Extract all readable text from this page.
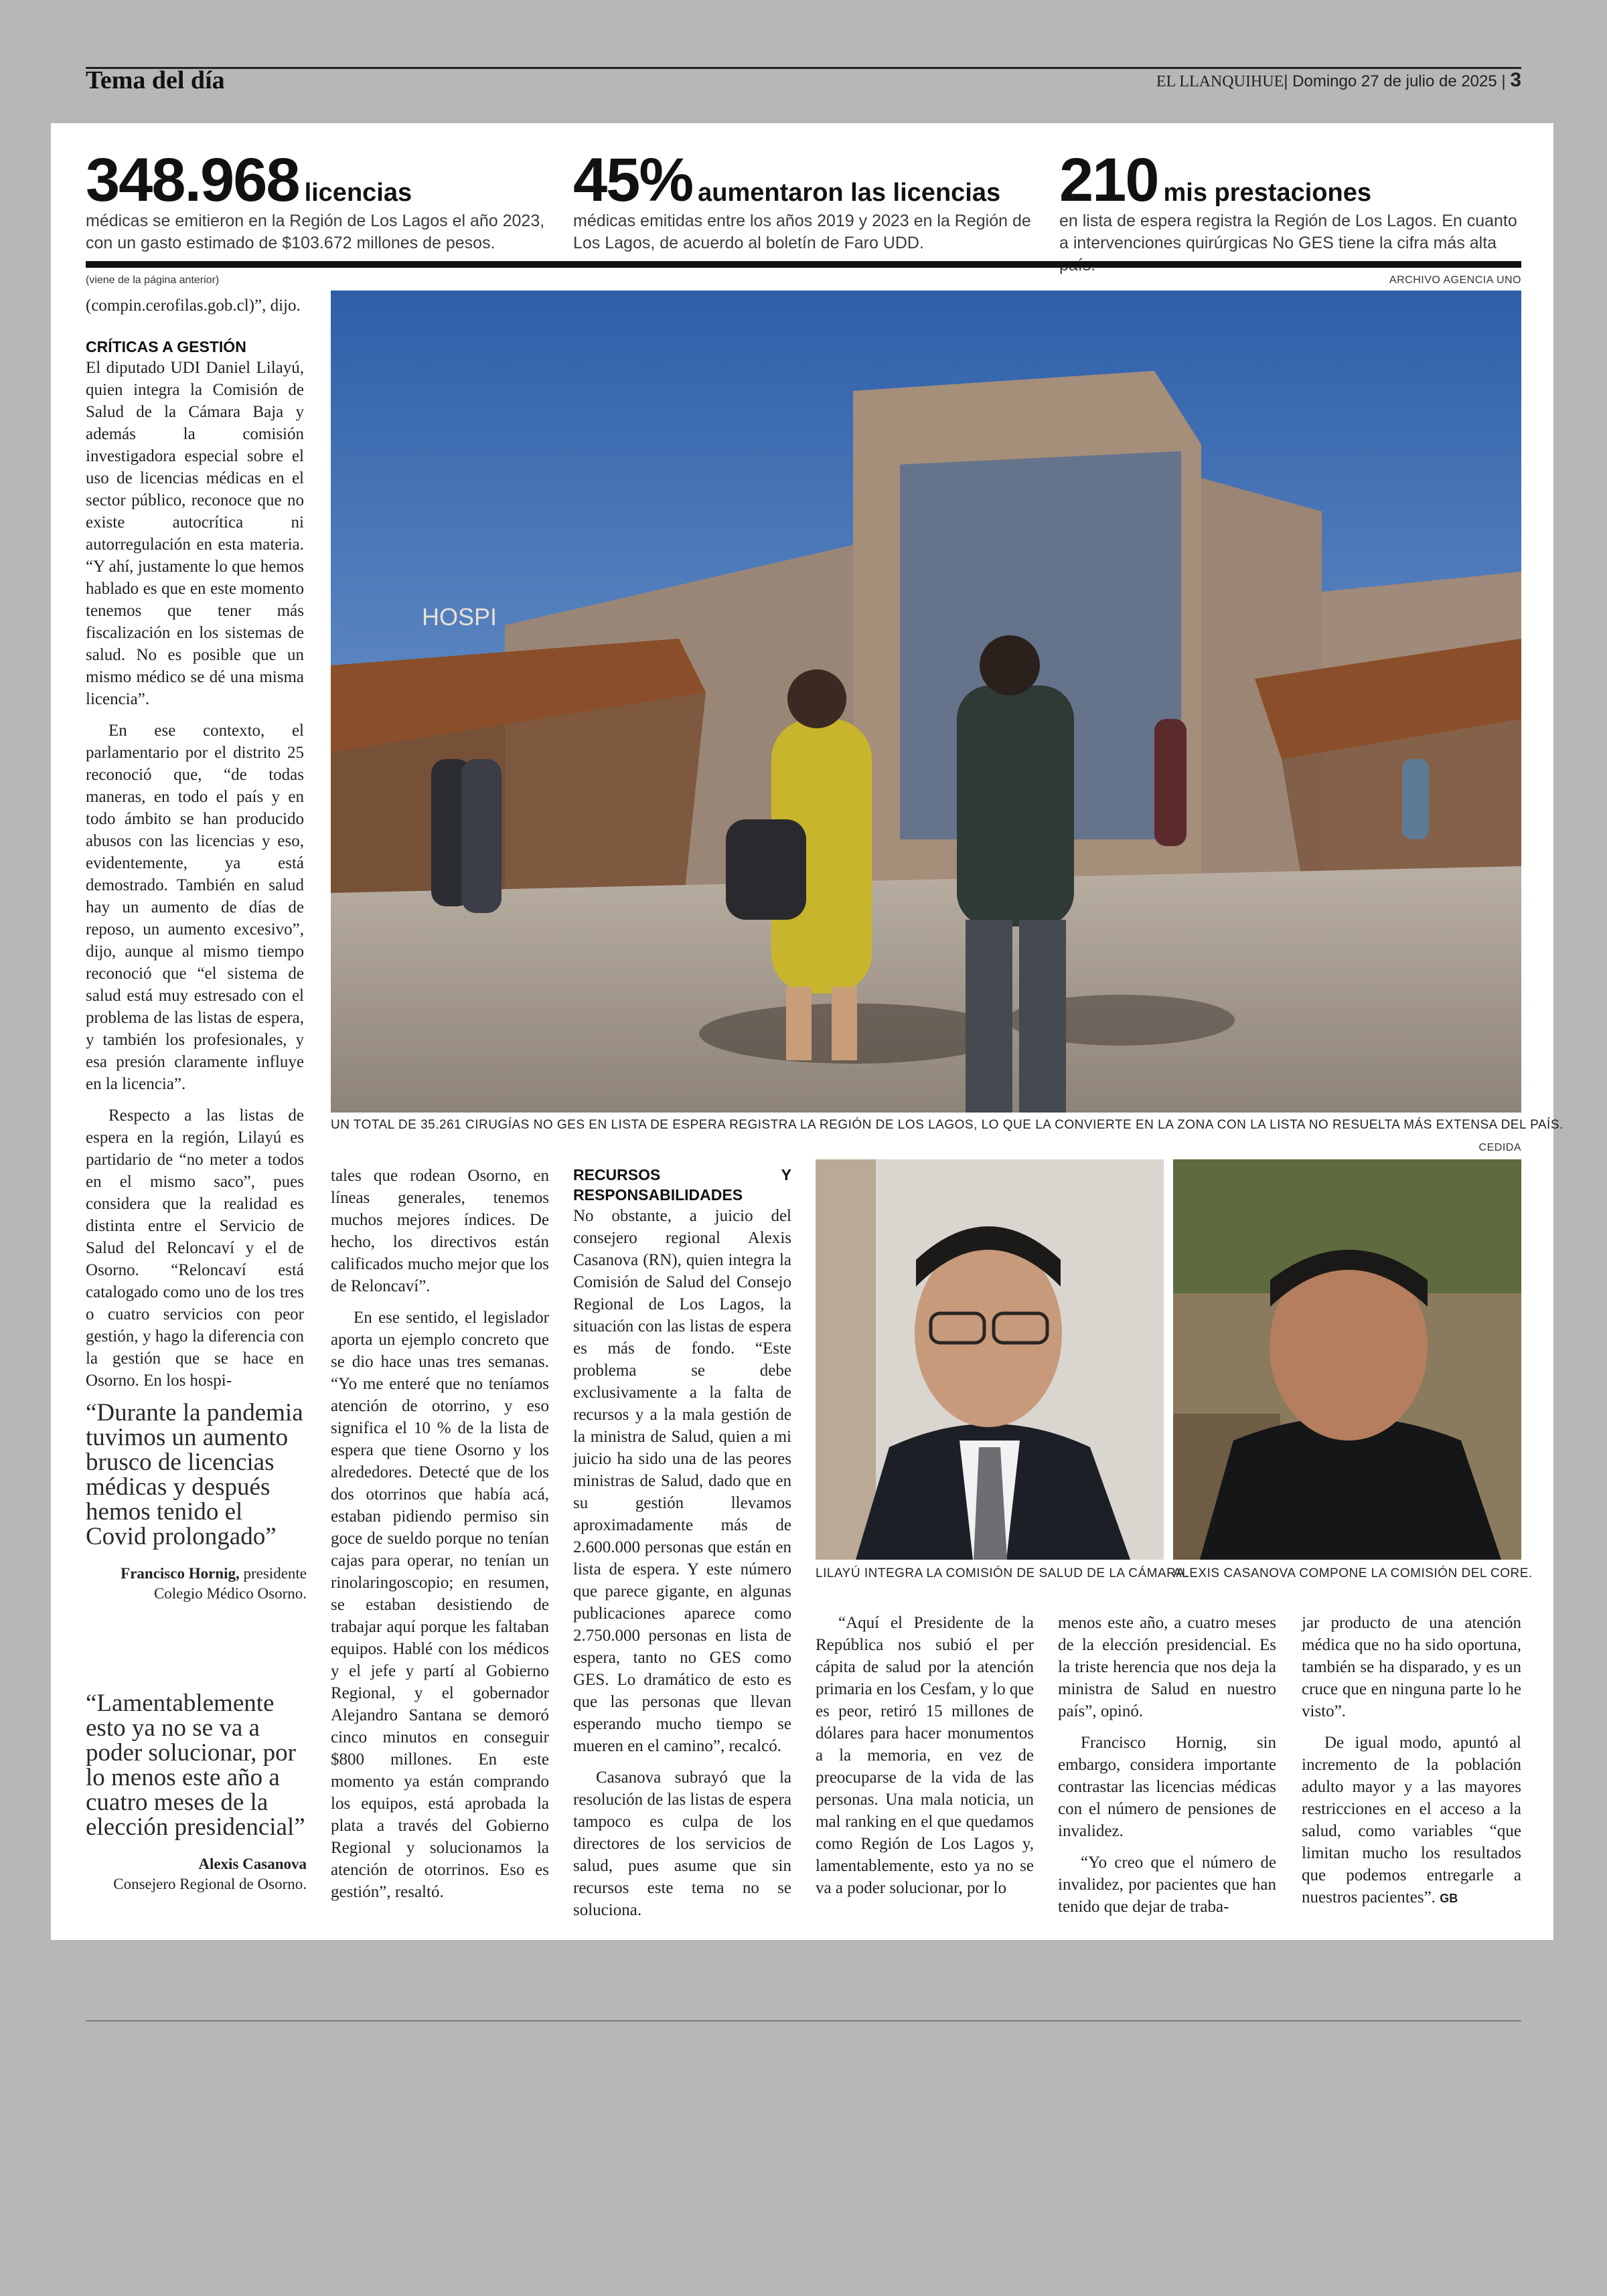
Tema del día	EL LLANQUIHUE| Domingo 27 de julio de 2025 | 3
348.968 licencias
médicas se emitieron en la Región de Los Lagos el año 2023, con un gasto estimado de $103.672 millones de pesos.
45% aumentaron las licencias
médicas emitidas entre los años 2019 y 2023 en la Región de Los Lagos, de acuerdo al boletín de Faro UDD.
210 mis prestaciones
en lista de espera registra la Región de Los Lagos. En cuanto a intervenciones quirúrgicas No GES tiene la cifra más alta
(viene de la página anterior)	ARCHIVO AGENCIA UNO
HOSPI
UN TOTAL DE 35.261 CIRUGÍAS NO GES EN LISTA DE ESPERA REGISTRA LA REGIÓN DE LOS LAGOS, LO QUE LA CONVIERTE EN LA ZONA CON LA LISTA NO RESUELTA MÁS EXTENSA DEL PAÍS.
CEDIDA
LILAYÚ INTEGRA LA COMISIÓN DE SALUD DE LA CÁMARA.
ALEXIS CASANOVA COMPONE LA COMISIÓN DEL CORE.

(compin.cerofilas.gob.cl)”, dijo.

CRÍTICAS A GESTIÓN

El diputado UDI Daniel Lilayú, quien integra la Comisión de Salud de la Cámara Baja y además la comisión investigadora especial sobre el uso de licencias médicas en el sector público, reconoce que no existe autocrítica ni autorregulación en esta materia. “Y ahí, justamente lo que hemos hablado es que en este momento tenemos que tener más fiscalización en los sistemas de salud. No es posible que un mismo médico se dé una misma licencia”.

En ese contexto, el parlamentario por el distrito 25 reconoció que, “de todas maneras, en todo el país y en todo ámbito se han producido abusos con las licencias y eso, evidentemente, ya está demostrado. También en salud hay un aumento de días de reposo, un aumento excesivo”, dijo, aunque al mismo tiempo reconoció que “el sistema de salud está muy estresado con el problema de las listas de espera, y también los profesionales, y esa presión claramente influye en la licencia”.

Respecto a las listas de espera en la región, Lilayú es partidario de “no meter a todos en el mismo saco”, pues considera que la realidad es distinta entre el Servicio de Salud del Reloncaví y el de Osorno. “Reloncaví está catalogado como uno de los tres o cuatro servicios con peor gestión, y hago la diferencia con la gestión que se hace en Osorno. En los hospi-

“Durante la pandemia tuvimos un aumento brusco de licencias médicas y después hemos tenido el Covid prolongado”
Francisco Hornig, presidente
Colegio Médico Osorno.
“Lamentablemente esto ya no se va a poder solucionar, por lo menos este año a cuatro meses de la elección presidencial”
Alexis Casanova
Consejero Regional de Osorno.

tales que rodean Osorno, en líneas generales, tenemos muchos mejores índices. De hecho, los directivos están calificados mucho mejor que los de Reloncaví”.

En ese sentido, el legislador aporta un ejemplo concreto que se dio hace unas tres semanas. “Yo me enteré que no teníamos atención de otorrino, y eso significa el 10 % de la lista de espera que tiene Osorno y los alrededores. Detecté que de los dos otorrinos que había acá, estaban pidiendo permiso sin goce de sueldo porque no tenían cajas para operar, no tenían un rinolaringoscopio; en resumen, se estaban desistiendo de trabajar aquí porque les faltaban equipos. Hablé con los médicos y el jefe y partí al Gobierno Regional, y el gobernador Alejandro Santana se demoró cinco minutos en conseguir $800 millones. En este momento ya están comprando los equipos, está aprobada la plata a través del Gobierno Regional y solucionamos la atención de otorrinos. Eso es gestión”, resaltó.

RECURSOS Y RESPONSABILIDADES

No obstante, a juicio del consejero regional Alexis Casanova (RN), quien integra la Comisión de Salud del Consejo Regional de Los Lagos, la situación con las listas de espera es más de fondo. “Este problema se debe exclusivamente a la falta de recursos y a la mala gestión de la ministra de Salud, quien a mi juicio ha sido una de las peores ministras de Salud, dado que en su gestión llevamos aproximadamente más de 2.600.000 personas que están en lista de espera. Y este número que parece gigante, en algunas publicaciones aparece como 2.750.000 personas en lista de espera, tanto no GES como GES. Lo dramático de esto es que las personas que llevan esperando mucho tiempo se mueren en el camino”, recalcó.

Casanova subrayó que la resolución de las listas de espera tampoco es culpa de los directores de los servicios de salud, pues asume que sin recursos este tema no se soluciona.

“Aquí el Presidente de la República nos subió el per cápita de salud por la atención primaria en los Cesfam, y lo que es peor, retiró 15 millones de dólares para hacer monumentos a la memoria, en vez de preocuparse de la vida de las personas. Una mala noticia, un mal ranking en el que quedamos como Región de Los Lagos y, lamentablemente, esto ya no se va a poder solucionar, por lo

menos este año, a cuatro meses de la elección presidencial. Es la triste herencia que nos deja la ministra de Salud en nuestro país”, opinó.

Francisco Hornig, sin embargo, considera importante contrastar las licencias médicas con el número de pensiones de invalidez.

“Yo creo que el número de invalidez, por pacientes que han tenido que dejar de traba-

jar producto de una atención médica que no ha sido oportuna, también se ha disparado, y es un cruce que en ninguna parte lo he visto”.

De igual modo, apuntó al incremento de la población adulto mayor y a las mayores restricciones en el acceso a la salud, como variables “que limitan mucho los resultados que podemos entregarle a nuestros pacientes”. GB
